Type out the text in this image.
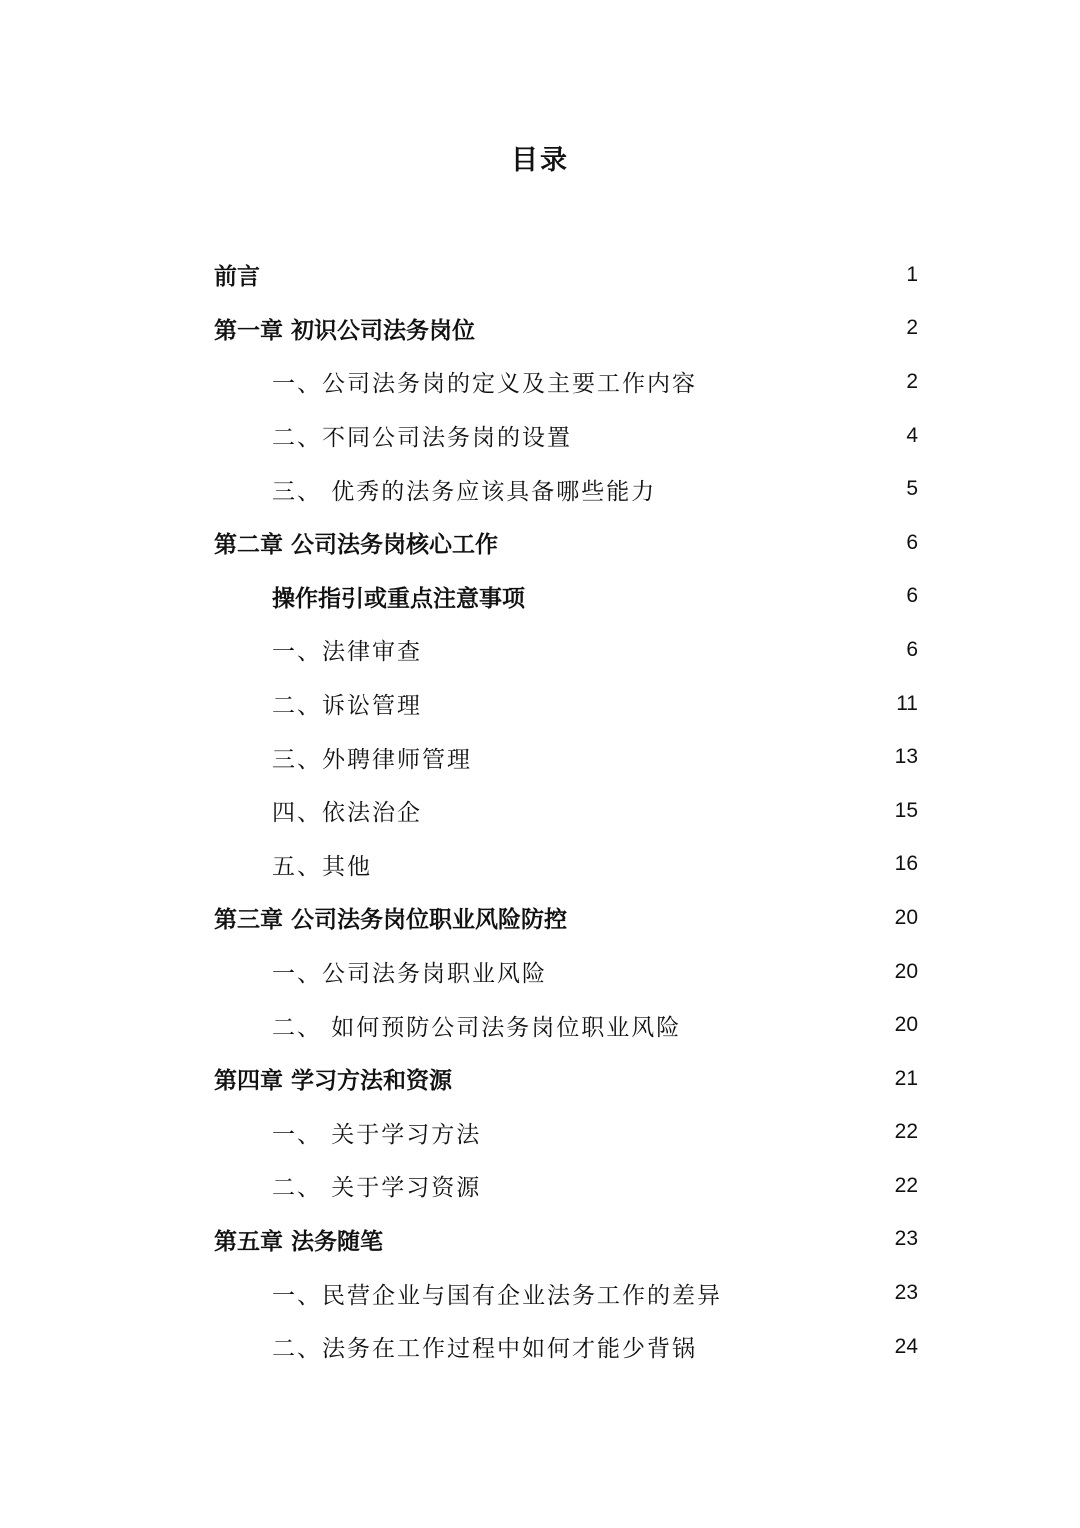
目录
前言	1
第一章 初识公司法务岗位	2
一、公司法务岗的定义及主要工作内容	2
二、不同公司法务岗的设置	4
三、 优秀的法务应该具备哪些能力	5
第二章 公司法务岗核心工作	6
操作指引或重点注意事项	6
一、法律审查	6
二、诉讼管理	11
三、外聘律师管理	13
四、依法治企	15
五、其他	16
第三章 公司法务岗位职业风险防控	20
一、公司法务岗职业风险	20
二、 如何预防公司法务岗位职业风险	20
第四章 学习方法和资源	21
一、 关于学习方法	22
二、 关于学习资源	22
第五章 法务随笔	23
一、民营企业与国有企业法务工作的差异	23
二、法务在工作过程中如何才能少背锅	24
